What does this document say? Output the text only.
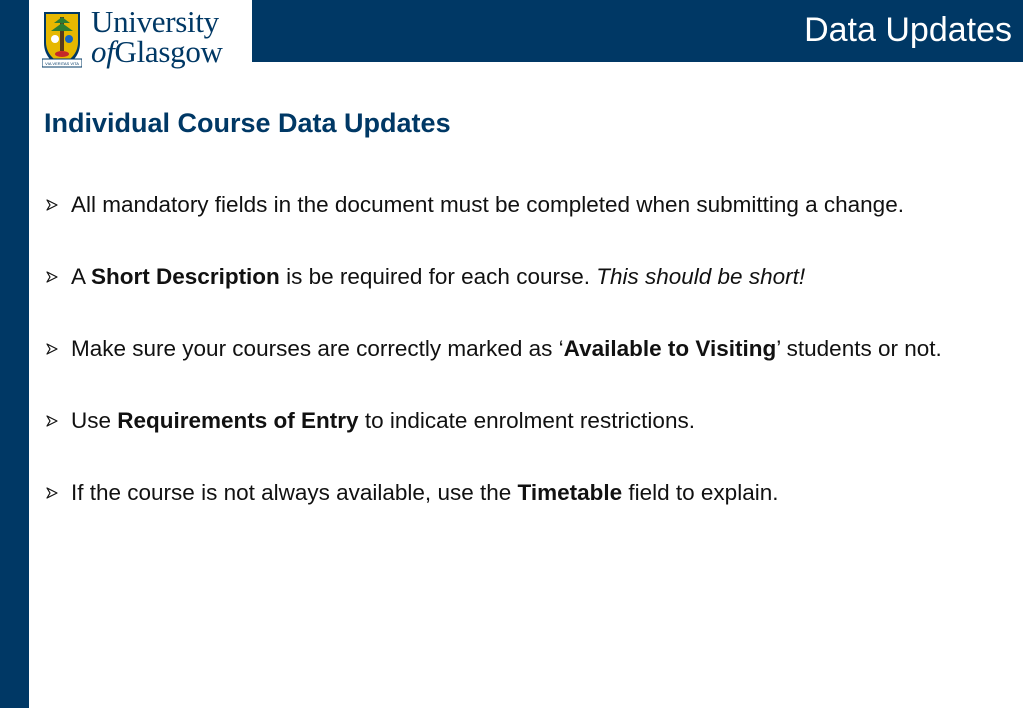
VIA VERITAS VITA
University
ofGlasgow
Data Updates
Individual Course Data Updates
All mandatory fields in the document must be completed when submitting a change.
A Short Description is be required for each course. This should be short!
Make sure your courses are correctly marked as ‘Available to Visiting’ students or not.
Use Requirements of Entry to indicate enrolment restrictions.
If the course is not always available, use the Timetable field to explain.
